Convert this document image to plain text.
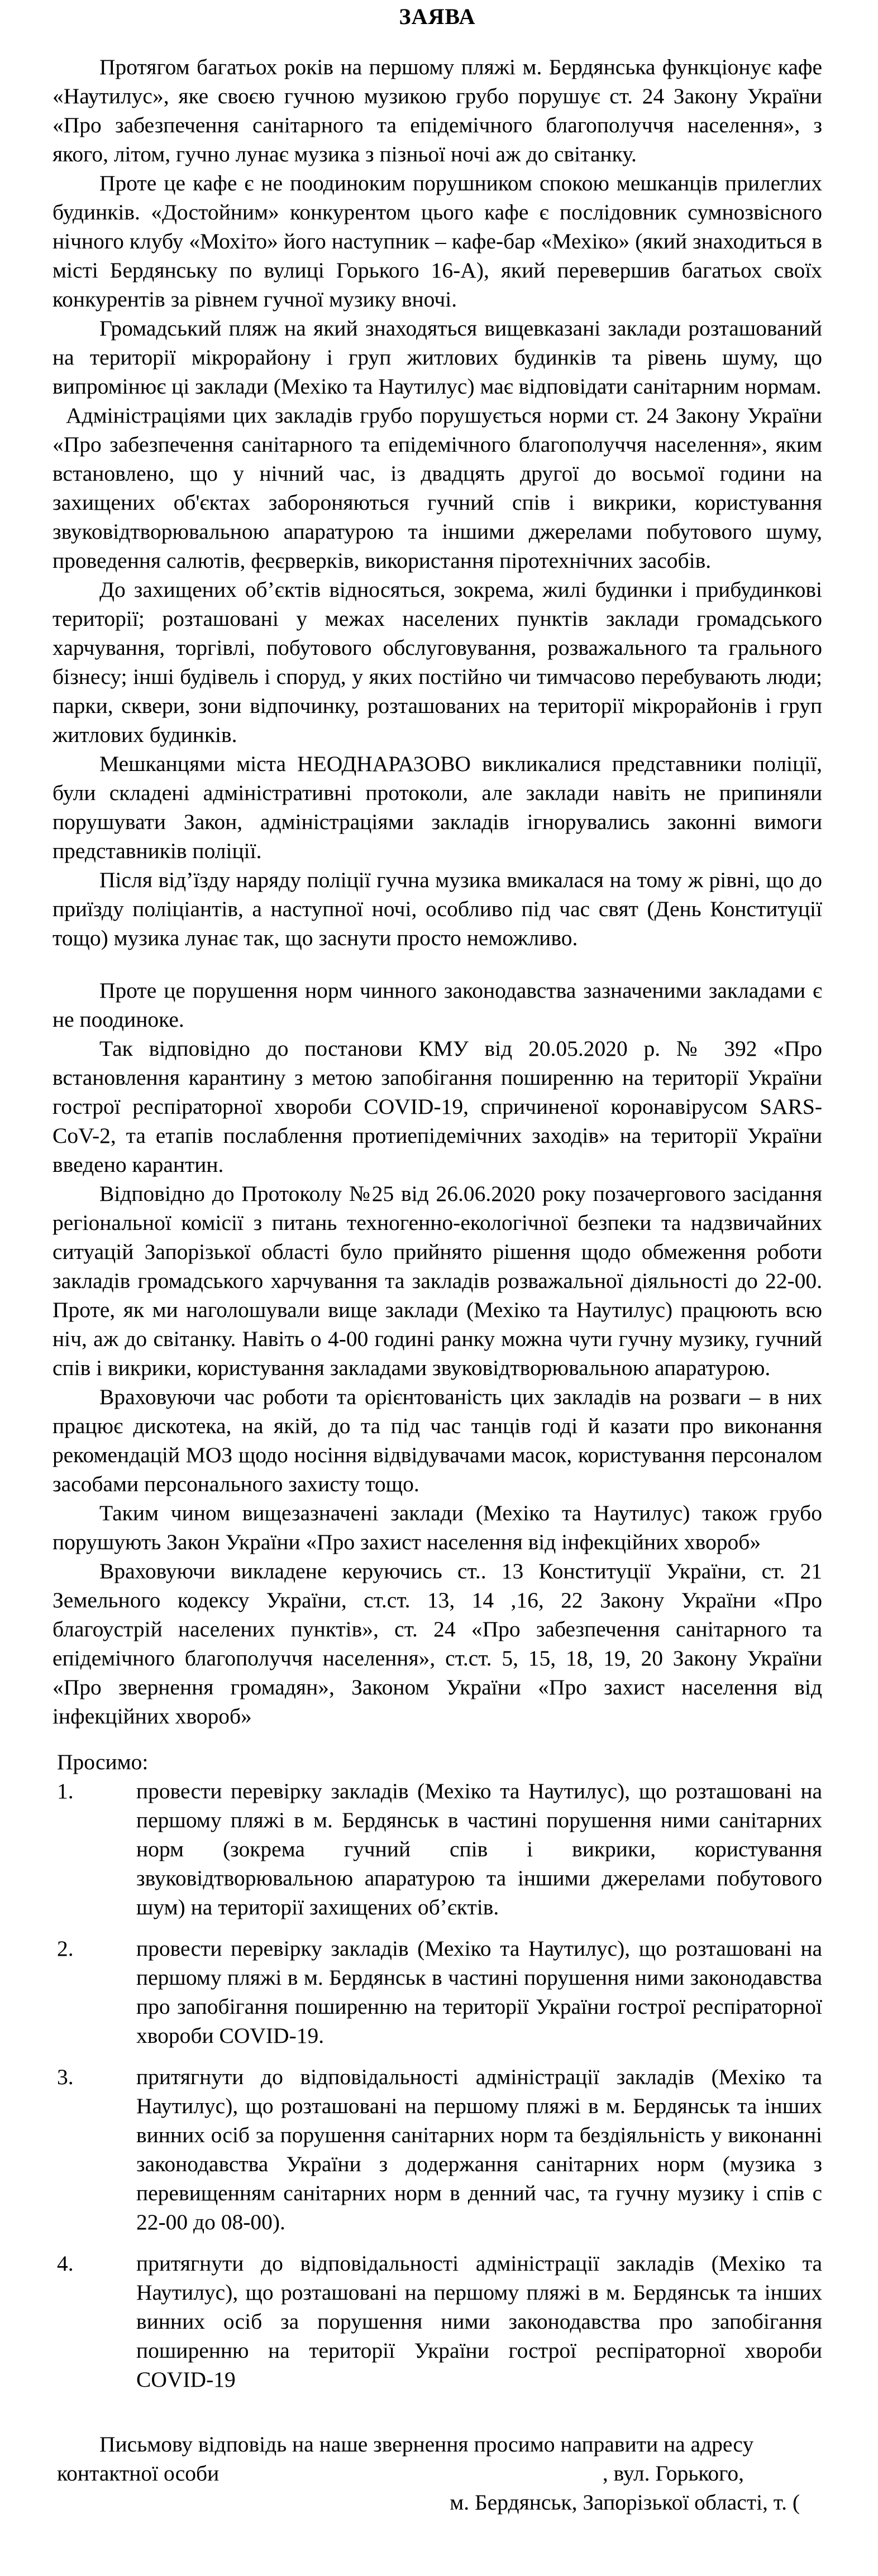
ЗАЯВА

Протягом багатьох років на першому пляжі м. Бердянська функціонує кафе «Наутилус», яке своєю гучною музикою грубо порушує ст. 24 Закону України «Про забезпечення санітарного та епідемічного благополуччя населення», з якого, літом, гучно лунає музика з пізньої ночі аж до світанку.

Проте це кафе є не поодиноким порушником спокою мешканців прилеглих будинків. «Достойним» конкурентом цього кафе є послідовник сумнозвісного нічного клубу «Мохіто» його наступник – кафе-бар «Мехіко» (який знаходиться в місті Бердянську по вулиці Горького 16-А), який перевершив багатьох своїх конкурентів за рівнем гучної музику вночі.

Громадський пляж на який знаходяться вищевказані заклади розташований на території мікрорайону і груп житлових будинків та рівень шуму, що випромінює ці заклади (Мехіко та Наутилус) має відповідати санітарним нормам.

Адміністраціями цих закладів грубо порушується норми ст. 24 Закону України «Про забезпечення санітарного та епідемічного благополуччя населення», яким встановлено, що у нічний час, із двадцять другої до восьмої години на захищених об'єктах забороняються гучний спів і викрики, користування звуковідтворювальною апаратурою та іншими джерелами побутового шуму, проведення салютів, феєрверків, використання піротехнічних засобів.

До захищених об’єктів відносяться, зокрема, жилі будинки і прибудинкові території; розташовані у межах населених пунктів заклади громадського харчування, торгівлі, побутового обслуговування, розважального та грального бізнесу; інші будівель і споруд, у яких постійно чи тимчасово перебувають люди; парки, сквери, зони відпочинку, розташованих на території мікрорайонів і груп житлових будинків.

Мешканцями міста НЕОДНАРАЗОВО викликалися представники поліції, були складені адміністративні протоколи, але заклади навіть не припиняли порушувати Закон, адміністраціями закладів ігнорувались законні вимоги представників поліції.

Після від’їзду наряду поліції гучна музика вмикалася на тому ж рівні, що до приїзду поліціантів, а наступної ночі, особливо під час свят (День Конституції тощо) музика лунає так, що заснути просто неможливо.

Проте це порушення норм чинного законодавства зазначеними закладами є не поодиноке.

Так відповідно до постанови КМУ від 20.05.2020 р. № 392 «Про встановлення карантину з метою запобігання поширенню на території України гострої респіраторної хвороби COVID-19, спричиненої коронавірусом SARS-CoV-2, та етапів послаблення протиепідемічних заходів» на території України введено карантин.

Відповідно до Протоколу №25 від 26.06.2020 року позачергового засідання регіональної комісії з питань техногенно-екологічної безпеки та надзвичайних ситуацій Запорізької області було прийнято рішення щодо обмеження роботи закладів громадського харчування та закладів розважальної діяльності до 22-00. Проте, як ми наголошували вище заклади (Мехіко та Наутилус) працюють всю ніч, аж до світанку. Навіть о 4-00 годині ранку можна чути гучну музику, гучний спів і викрики, користування закладами звуковідтворювальною апаратурою.

Враховуючи час роботи та орієнтованість цих закладів на розваги – в них працює дискотека, на якій, до та під час танців годі й казати про виконання рекомендацій МОЗ щодо носіння відвідувачами масок, користування персоналом засобами персонального захисту тощо.

Таким чином вищезазначені заклади (Мехіко та Наутилус) також грубо порушують Закон України «Про захист населення від інфекційних хвороб»

Враховуючи викладене керуючись ст.. 13 Конституції України, ст. 21 Земельного кодексу України, ст.ст. 13, 14 ,16, 22 Закону України «Про благоустрій населених пунктів», ст. 24 «Про забезпечення санітарного та епідемічного благополуччя населення», ст.ст. 5, 15, 18, 19, 20 Закону України «Про звернення громадян», Законом України «Про захист населення від інфекційних хвороб»

Просимо:

1.	провести перевірку закладів (Мехіко та Наутилус), що розташовані на першому пляжі в м. Бердянськ в частині порушення ними санітарних норм (зокрема гучний спів і викрики, користування звуковідтворювальною апаратурою та іншими джерелами побутового шум) на території захищених об’єктів.
2.	провести перевірку закладів (Мехіко та Наутилус), що розташовані на першому пляжі в м. Бердянськ в частині порушення ними законодавства про запобігання поширенню на території України гострої респіраторної хвороби COVID-19.
3.	притягнути до відповідальності адміністрації закладів (Мехіко та Наутилус), що розташовані на першому пляжі в м. Бердянськ та інших винних осіб за порушення санітарних норм та бездіяльність у виконанні законодавства України з додержання санітарних норм (музика з перевищенням санітарних норм в денний час, та гучну музику і спів с 22-00 до 08-00).
4.	притягнути до відповідальності адміністрації закладів (Мехіко та Наутилус), що розташовані на першому пляжі в м. Бердянськ та інших винних осіб за порушення ними законодавства про запобігання поширенню на території України гострої респіраторної хвороби COVID-19

Письмову відповідь на наше звернення просимо направити на адресу

контактної особи	, вул. Горького,

м. Бердянськ, Запорізької області, т. (
